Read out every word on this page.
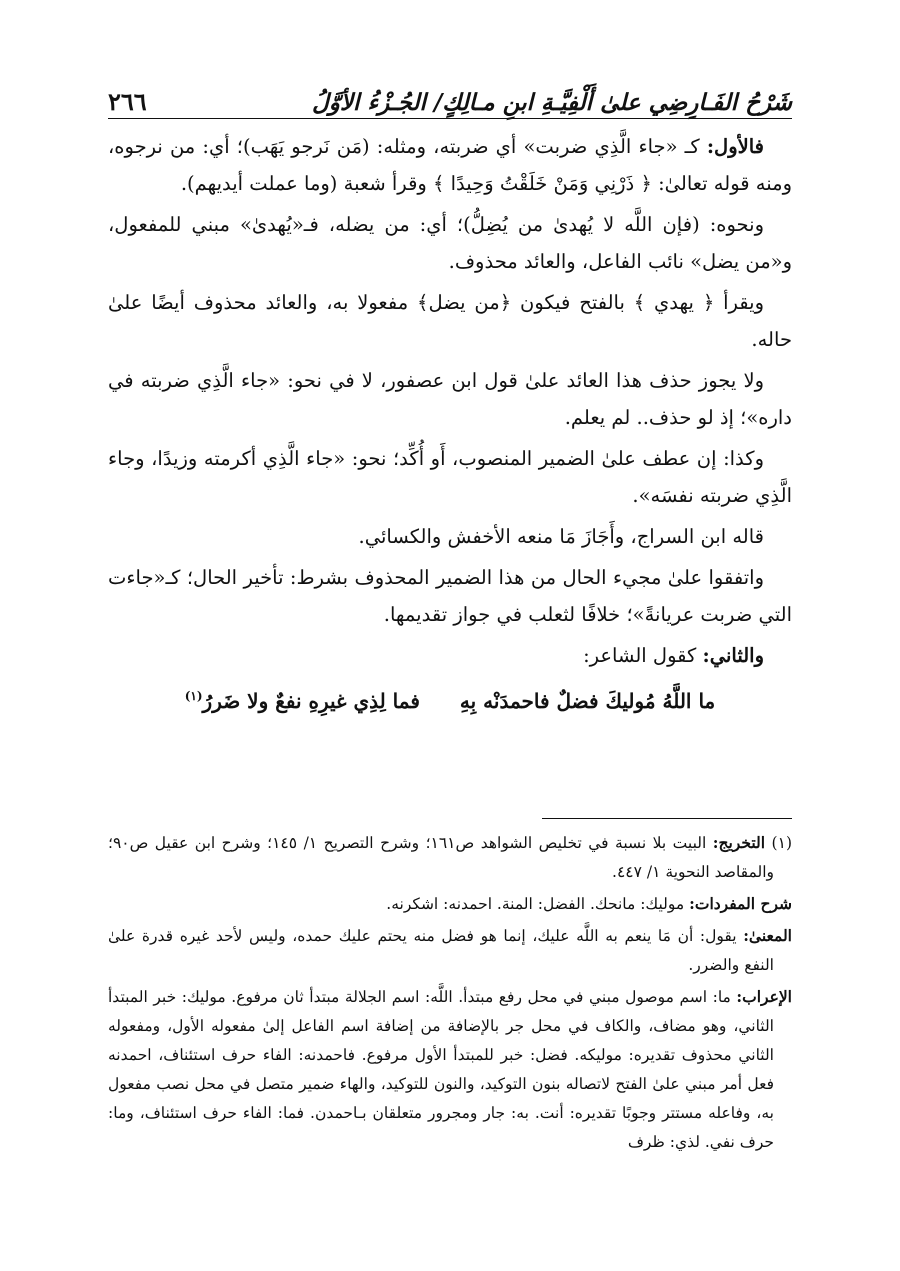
شَرْحُ الفَـارِضِي علىٰ أَلْفِيَّـةِ ابنِ مـالِكٍ/ الجُـزْءُ الأوَّلُ
٢٦٦

فالأول: كـ «جاء الَّذِي ضربت» أي ضربته، ومثله: (مَن نَرجو يَهَب)؛ أي: من نرجوه، ومنه قوله تعالىٰ: ﴿ ذَرْنِي وَمَنْ خَلَقْتُ وَحِيدًا ﴾ وقرأ شعبة (وما عملت أيديهم).

ونحوه: (فإن اللَّه لا يُهدىٰ من يُضِلُّ)؛ أي: من يضله، فـ«يُهدىٰ» مبني للمفعول، و«من يضل» نائب الفاعل، والعائد محذوف.

ويقرأ ﴿ يهدي ﴾ بالفتح فيكون ﴿من يضل﴾ مفعولا به، والعائد محذوف أيضًا علىٰ حاله.

ولا يجوز حذف هذا العائد علىٰ قول ابن عصفور، لا في نحو: «جاء الَّذِي ضربته في داره»؛ إذ لو حذف.. لم يعلم.

وكذا: إن عطف علىٰ الضمير المنصوب، أَو أُكِّد؛ نحو: «جاء الَّذِي أكرمته وزيدًا، وجاء الَّذِي ضربته نفسَه».

قاله ابن السراج، وأَجَازَ مَا منعه الأخفش والكسائي.

واتفقوا علىٰ مجيء الحال من هذا الضمير المحذوف بشرط: تأخير الحال؛ كـ«جاءت التي ضربت عريانةً»؛ خلافًا لثعلب في جواز تقديمها.

والثاني: كقول الشاعر:

ما اللَّهُ مُوليكَ فضلٌ فاحمدَنْه بِهِفما لِذِي غيرِهِ نفعٌ ولا ضَررُ$^{(١)}$

(١) التخريج: البيت بلا نسبة في تخليص الشواهد ص١٦١؛ وشرح التصريح ١/ ١٤٥؛ وشرح ابن عقيل ص٩٠؛ والمقاصد النحوية ١/ ٤٤٧.

شرح المفردات: موليك: مانحك. الفضل: المنة. احمدنه: اشكرنه.

المعنىٰ: يقول: أن مَا ينعم به اللَّه عليك، إنما هو فضل منه يحتم عليك حمده، وليس لأحد غيره قدرة علىٰ النفع والضرر.

الإعراب: ما: اسم موصول مبني في محل رفع مبتدأ. اللَّه: اسم الجلالة مبتدأ ثان مرفوع. موليك: خبر المبتدأ الثاني، وهو مضاف، والكاف في محل جر بالإضافة من إضافة اسم الفاعل إلىٰ مفعوله الأول، ومفعوله الثاني محذوف تقديره: موليكه. فضل: خبر للمبتدأ الأول مرفوع. فاحمدنه: الفاء حرف استئناف، احمدنه فعل أمر مبني علىٰ الفتح لاتصاله بنون التوكيد، والنون للتوكيد، والهاء ضمير متصل في محل نصب مفعول به، وفاعله مستتر وجوبًا تقديره: أنت. به: جار ومجرور متعلقان بـاحمدن. فما: الفاء حرف استئناف، وما: حرف نفي. لذي: ظرف
